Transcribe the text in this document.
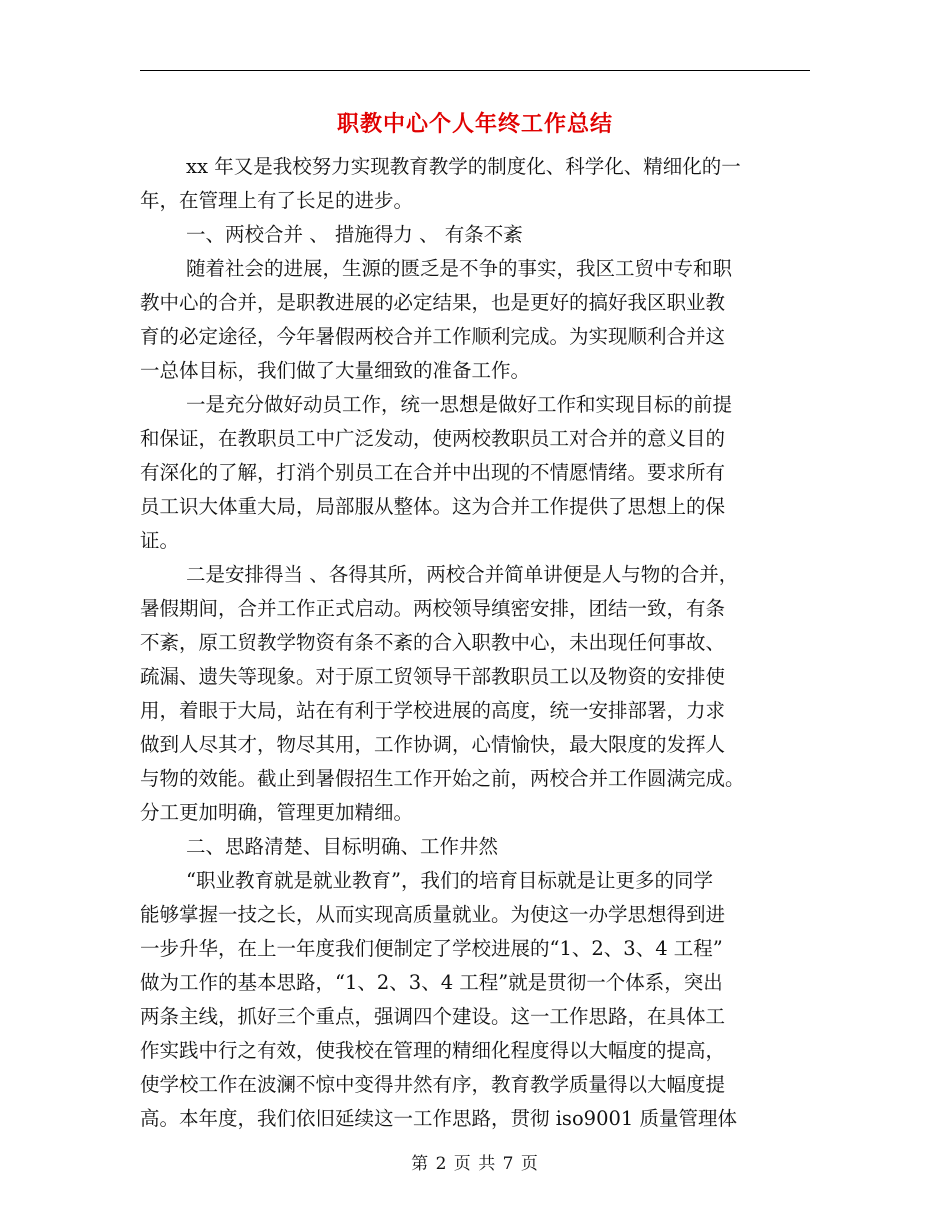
职教中心个人年终工作总结
xx 年又是我校努力实现教育教学的制度化、科学化、精细化的一
年，在管理上有了长足的进步。
一、两校合并 、 措施得力 、 有条不紊
随着社会的进展，生源的匮乏是不争的事实，我区工贸中专和职
教中心的合并，是职教进展的必定结果，也是更好的搞好我区职业教
育的必定途径，今年暑假两校合并工作顺利完成。为实现顺利合并这
一总体目标，我们做了大量细致的准备工作。
一是充分做好动员工作，统一思想是做好工作和实现目标的前提
和保证，在教职员工中广泛发动，使两校教职员工对合并的意义目的
有深化的了解，打消个别员工在合并中出现的不情愿情绪。要求所有
员工识大体重大局，局部服从整体。这为合并工作提供了思想上的保
证。
二是安排得当 、各得其所，两校合并简单讲便是人与物的合并，
暑假期间，合并工作正式启动。两校领导缜密安排，团结一致，有条
不紊，原工贸教学物资有条不紊的合入职教中心，未出现任何事故、
疏漏、遗失等现象。对于原工贸领导干部教职员工以及物资的安排使
用，着眼于大局，站在有利于学校进展的高度，统一安排部署，力求
做到人尽其才，物尽其用，工作协调，心情愉快，最大限度的发挥人
与物的效能。截止到暑假招生工作开始之前，两校合并工作圆满完成。
分工更加明确，管理更加精细。
二、思路清楚、目标明确、工作井然
“职业教育就是就业教育”，我们的培育目标就是让更多的同学
能够掌握一技之长，从而实现高质量就业。为使这一办学思想得到进
一步升华，在上一年度我们便制定了学校进展的“1、2、3、4 工程”
做为工作的基本思路，“1、2、3、4 工程”就是贯彻一个体系，突出
两条主线，抓好三个重点，强调四个建设。这一工作思路，在具体工
作实践中行之有效，使我校在管理的精细化程度得以大幅度的提高，
使学校工作在波澜不惊中变得井然有序，教育教学质量得以大幅度提
高。本年度，我们依旧延续这一工作思路，贯彻 iso9001 质量管理体
第 2 页 共 7 页
